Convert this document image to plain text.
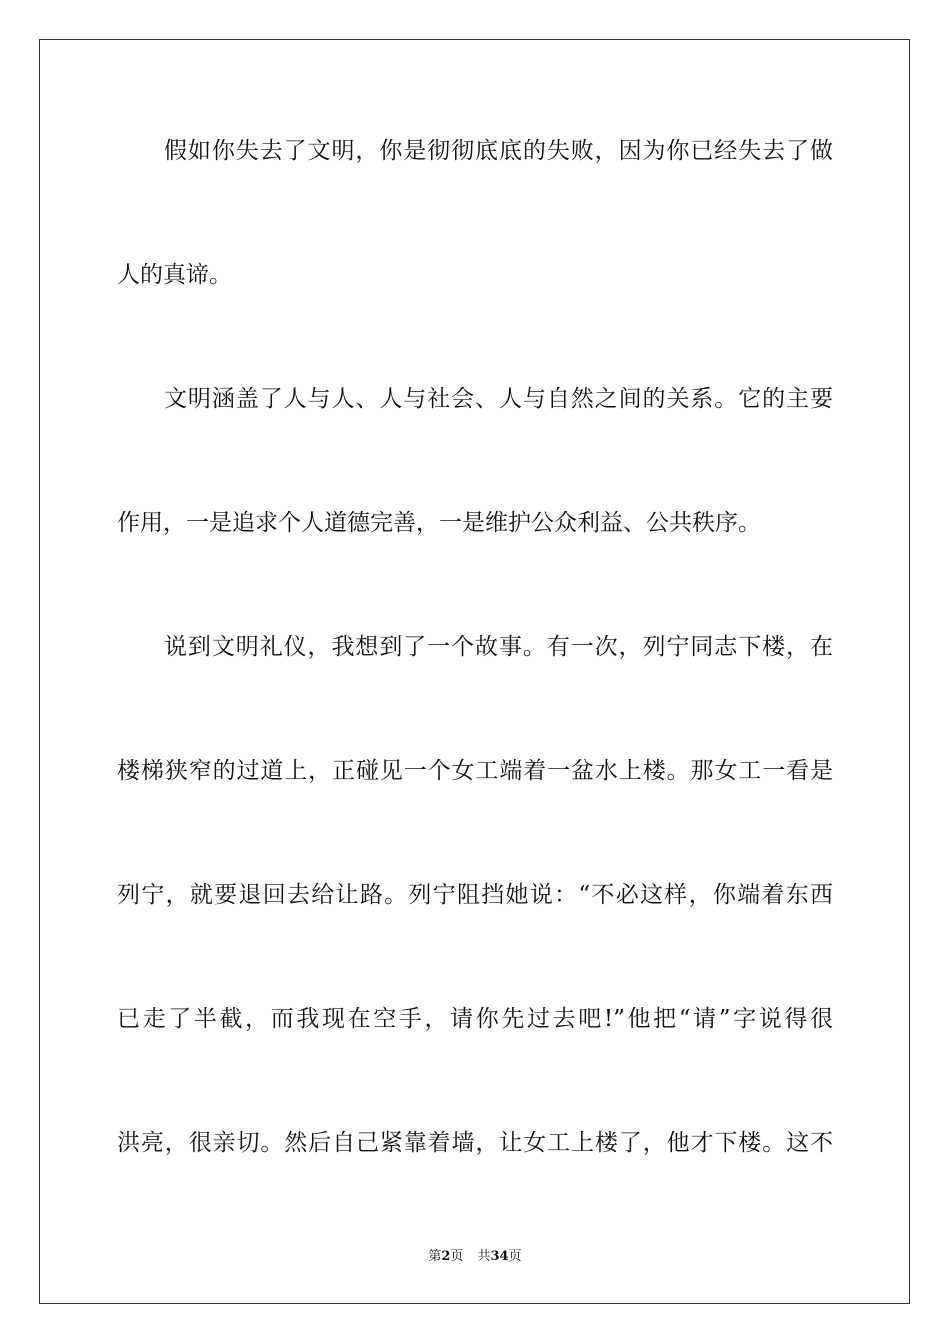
假如你失去了文明，你是彻彻底底的失败，因为你已经失去了做
人的真谛。
文明涵盖了人与人、人与社会、人与自然之间的关系。它的主要
作用，一是追求个人道德完善，一是维护公众利益、公共秩序。
说到文明礼仪，我想到了一个故事。有一次，列宁同志下楼，在
楼梯狭窄的过道上，正碰见一个女工端着一盆水上楼。那女工一看是
列宁，就要退回去给让路。列宁阻挡她说：“不必这样，你端着东西
已走了半截，而我现在空手，请你先过去吧!”他把“请”字说得很
洪亮，很亲切。然后自己紧靠着墙，让女工上楼了，他才下楼。这不
第2页 共34页
